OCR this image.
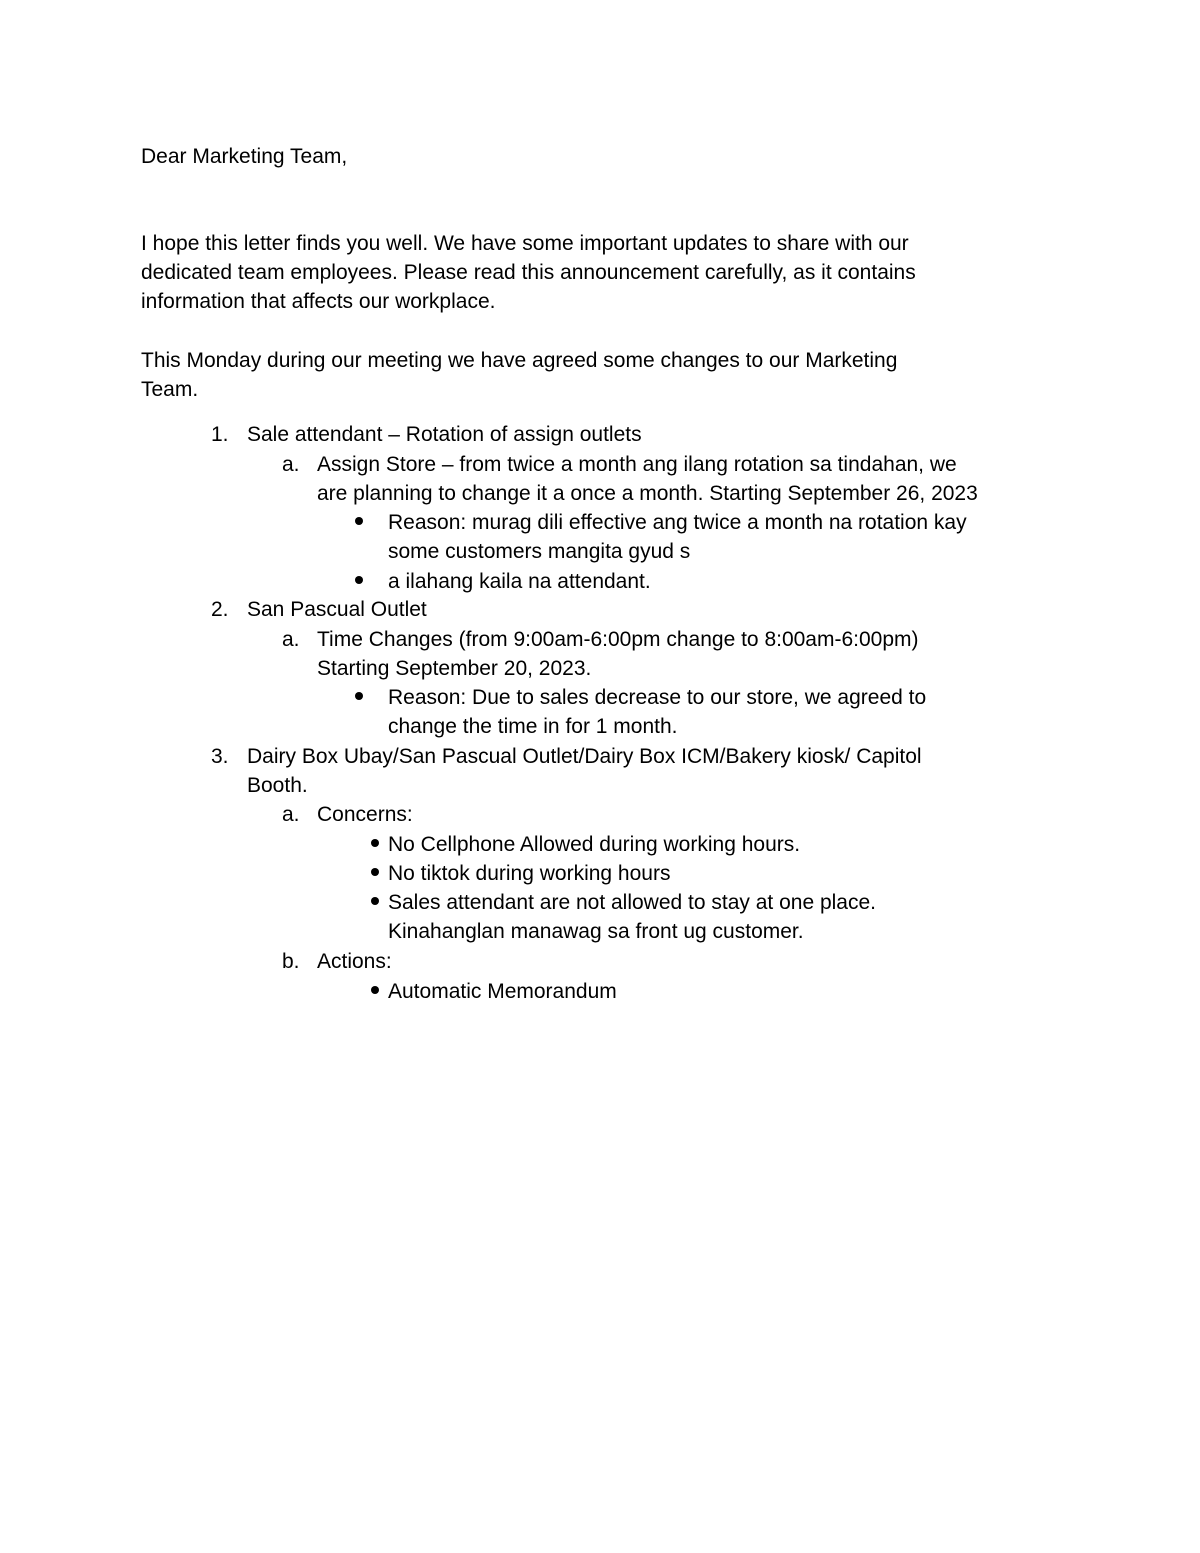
Dear Marketing Team,
I hope this letter finds you well. We have some important updates to share with our
dedicated team employees. Please read this announcement carefully, as it contains
information that affects our workplace.
This Monday during our meeting we have agreed some changes to our Marketing
Team.
1. Sale attendant – Rotation of assign outlets
a. Assign Store – from twice a month ang ilang rotation sa tindahan, we
are planning to change it a once a month. Starting September 26, 2023
Reason: murag dili effective ang twice a month na rotation kay
some customers mangita gyud s
a ilahang kaila na attendant.
2. San Pascual Outlet
a. Time Changes (from 9:00am-6:00pm change to 8:00am-6:00pm)
Starting September 20, 2023.
Reason: Due to sales decrease to our store, we agreed to
change the time in for 1 month.
3. Dairy Box Ubay/San Pascual Outlet/Dairy Box ICM/Bakery kiosk/ Capitol
Booth.
a. Concerns:
No Cellphone Allowed during working hours.
No tiktok during working hours
Sales attendant are not allowed to stay at one place.
Kinahanglan manawag sa front ug customer.
b. Actions:
Automatic Memorandum
